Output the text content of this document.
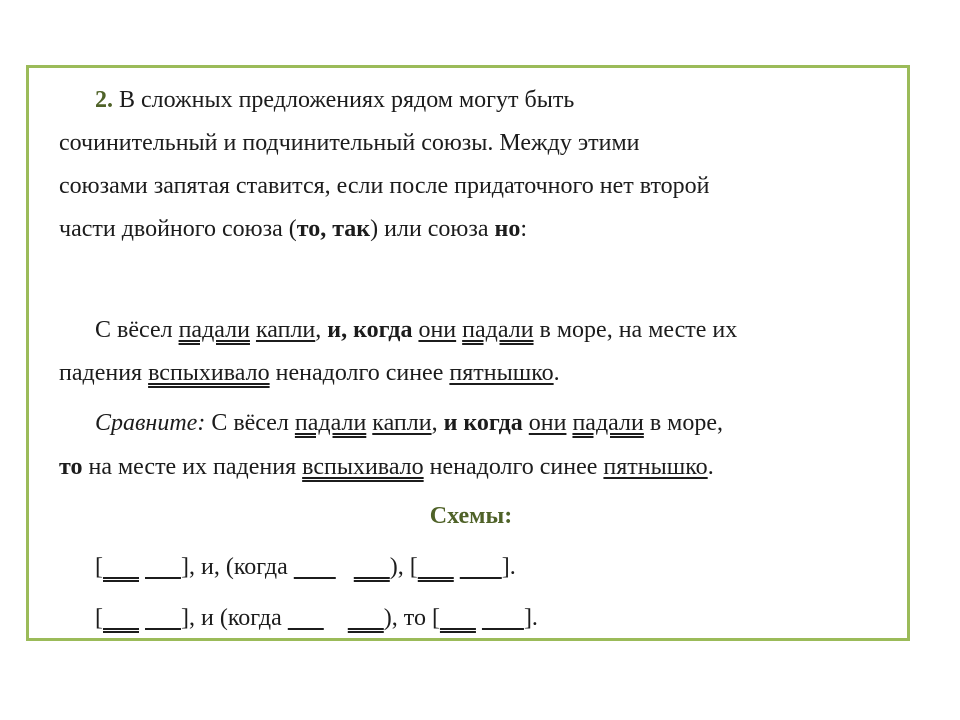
2. В сложных предложениях рядом могут быть
сочинительный и подчинительный союзы. Между этими
союзами запятая ставится, если после придаточного нет второй
части двойного союза (то, так) или союза но:
С вёсел падали капли, и, когда они падали в море, на месте их
падения вспыхивало ненадолго синее пятнышко.
Сравните: С вёсел падали капли, и когда они падали в море,
то на месте их падения вспыхивало ненадолго синее пятнышко.
Схемы:
[	], и, (когда	), [	].
[	], и (когда	), то [	].
